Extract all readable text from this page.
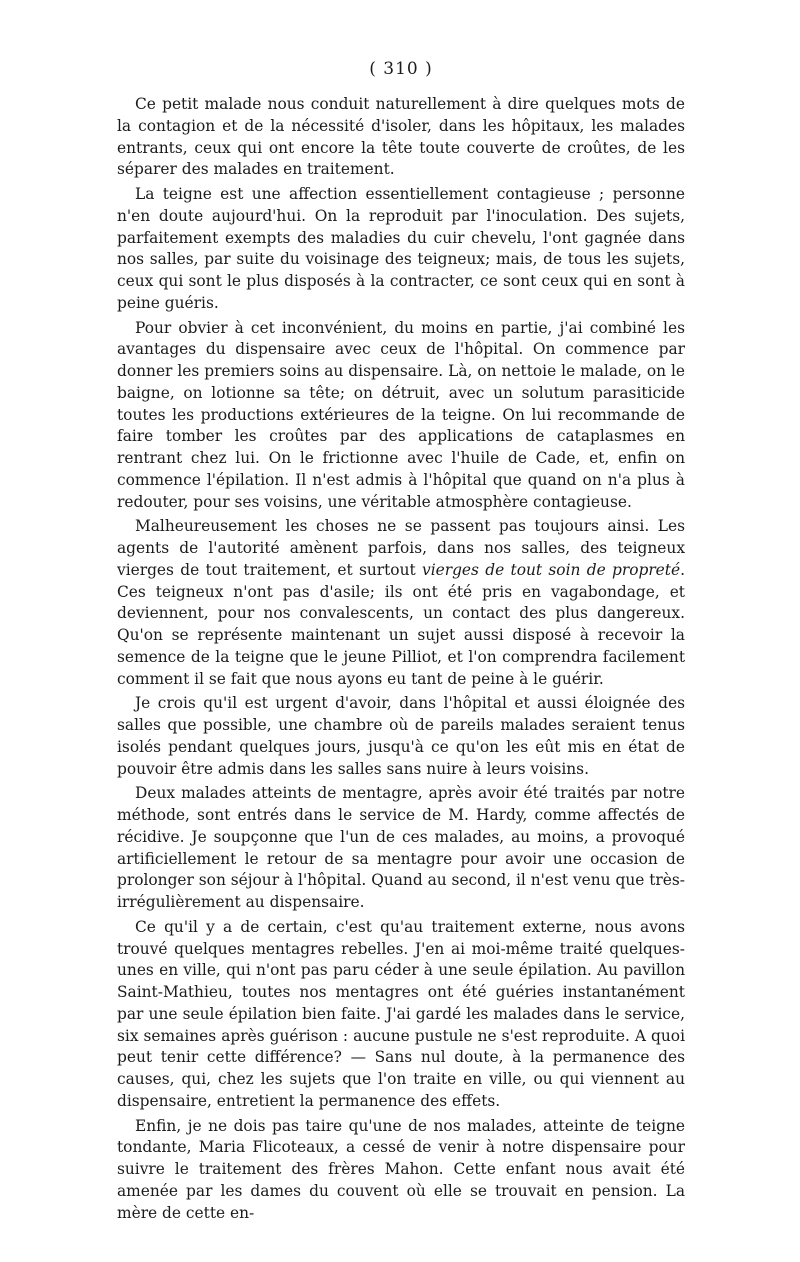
( 310 )

Ce petit malade nous conduit naturellement à dire quelques mots de la contagion et de la nécessité d'isoler, dans les hôpitaux, les malades entrants, ceux qui ont encore la tête toute couverte de croûtes, de les séparer des malades en traitement.

La teigne est une affection essentiellement contagieuse ; personne n'en doute aujourd'hui. On la reproduit par l'inoculation. Des sujets, parfaitement exempts des maladies du cuir chevelu, l'ont gagnée dans nos salles, par suite du voisinage des teigneux; mais, de tous les sujets, ceux qui sont le plus disposés à la contracter, ce sont ceux qui en sont à peine guéris.

Pour obvier à cet inconvénient, du moins en partie, j'ai combiné les avantages du dispensaire avec ceux de l'hôpital. On commence par donner les premiers soins au dispensaire. Là, on nettoie le malade, on le baigne, on lotionne sa tête; on détruit, avec un solutum parasiticide toutes les productions extérieures de la teigne. On lui recommande de faire tomber les croûtes par des applications de cataplasmes en rentrant chez lui. On le frictionne avec l'huile de Cade, et, enfin on commence l'épilation. Il n'est admis à l'hôpital que quand on n'a plus à redouter, pour ses voisins, une véritable atmosphère contagieuse.

Malheureusement les choses ne se passent pas toujours ainsi. Les agents de l'autorité amènent parfois, dans nos salles, des teigneux vierges de tout traitement, et surtout vierges de tout soin de propreté. Ces teigneux n'ont pas d'asile; ils ont été pris en vagabondage, et deviennent, pour nos convalescents, un contact des plus dangereux. Qu'on se représente maintenant un sujet aussi disposé à recevoir la semence de la teigne que le jeune Pilliot, et l'on comprendra facilement comment il se fait que nous ayons eu tant de peine à le guérir.

Je crois qu'il est urgent d'avoir, dans l'hôpital et aussi éloignée des salles que possible, une chambre où de pareils malades seraient tenus isolés pendant quelques jours, jusqu'à ce qu'on les eût mis en état de pouvoir être admis dans les salles sans nuire à leurs voisins.

Deux malades atteints de mentagre, après avoir été traités par notre méthode, sont entrés dans le service de M. Hardy, comme affectés de récidive. Je soupçonne que l'un de ces malades, au moins, a provoqué artificiellement le retour de sa mentagre pour avoir une occasion de prolonger son séjour à l'hôpital. Quand au second, il n'est venu que très-irrégulièrement au dispensaire.

Ce qu'il y a de certain, c'est qu'au traitement externe, nous avons trouvé quelques mentagres rebelles. J'en ai moi-même traité quelques-unes en ville, qui n'ont pas paru céder à une seule épilation. Au pavillon Saint-Mathieu, toutes nos mentagres ont été guéries instantanément par une seule épilation bien faite. J'ai gardé les malades dans le service, six semaines après guérison : aucune pustule ne s'est reproduite. A quoi peut tenir cette différence? — Sans nul doute, à la permanence des causes, qui, chez les sujets que l'on traite en ville, ou qui viennent au dispensaire, entretient la permanence des effets.

Enfin, je ne dois pas taire qu'une de nos malades, atteinte de teigne tondante, Maria Flicoteaux, a cessé de venir à notre dispensaire pour suivre le traitement des frères Mahon. Cette enfant nous avait été amenée par les dames du couvent où elle se trouvait en pension. La mère de cette en-
